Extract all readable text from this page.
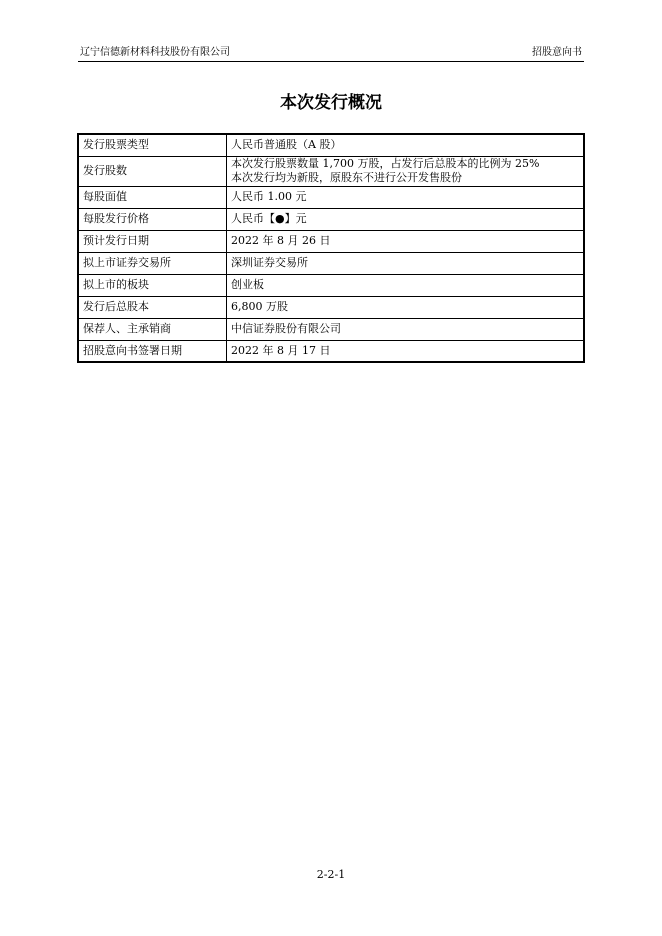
辽宁信德新材料科技股份有限公司	招股意向书
本次发行概况
发行股票类型	人民币普通股（A 股）
发行股数	本次发行股票数量 1,700 万股，占发行后总股本的比例为 25%
本次发行均为新股，原股东不进行公开发售股份

每股面值	人民币 1.00 元
每股发行价格	人民币【●】元
预计发行日期	2022 年 8 月 26 日
拟上市证券交易所	深圳证券交易所
拟上市的板块	创业板
发行后总股本	6,800 万股
保荐人、主承销商	中信证券股份有限公司
招股意向书签署日期	2022 年 8 月 17 日
2-2-1
